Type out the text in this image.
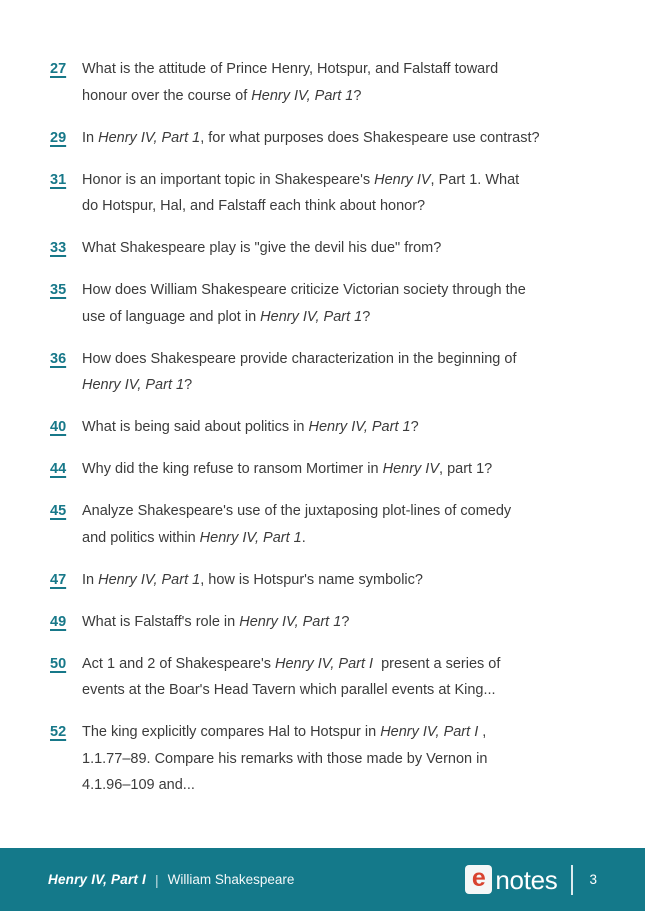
27	What is the attitude of Prince Henry, Hotspur, and Falstaff toward
honour over the course of Henry IV, Part 1?
29	In Henry IV, Part 1, for what purposes does Shakespeare use contrast?
31	Honor is an important topic in Shakespeare's Henry IV, Part 1. What
do Hotspur, Hal, and Falstaff each think about honor?
33	What Shakespeare play is "give the devil his due" from?
35	How does William Shakespeare criticize Victorian society through the
use of language and plot in Henry IV, Part 1?
36	How does Shakespeare provide characterization in the beginning of
Henry IV, Part 1?
40	What is being said about politics in Henry IV, Part 1?
44	Why did the king refuse to ransom Mortimer in Henry IV, part 1?
45	Analyze Shakespeare's use of the juxtaposing plot-lines of comedy
and politics within Henry IV, Part 1.
47	In Henry IV, Part 1, how is Hotspur's name symbolic?
49	What is Falstaff's role in Henry IV, Part 1?
50	Act 1 and 2 of Shakespeare's Henry IV, Part I  present a series of
events at the Boar's Head Tavern which parallel events at King...
52	The king explicitly compares Hal to Hotspur in Henry IV, Part I ,
1.1.77–89. Compare his remarks with those made by Vernon in
4.1.96–109 and...
Henry IV, Part I | William Shakespeare	e notes 3
